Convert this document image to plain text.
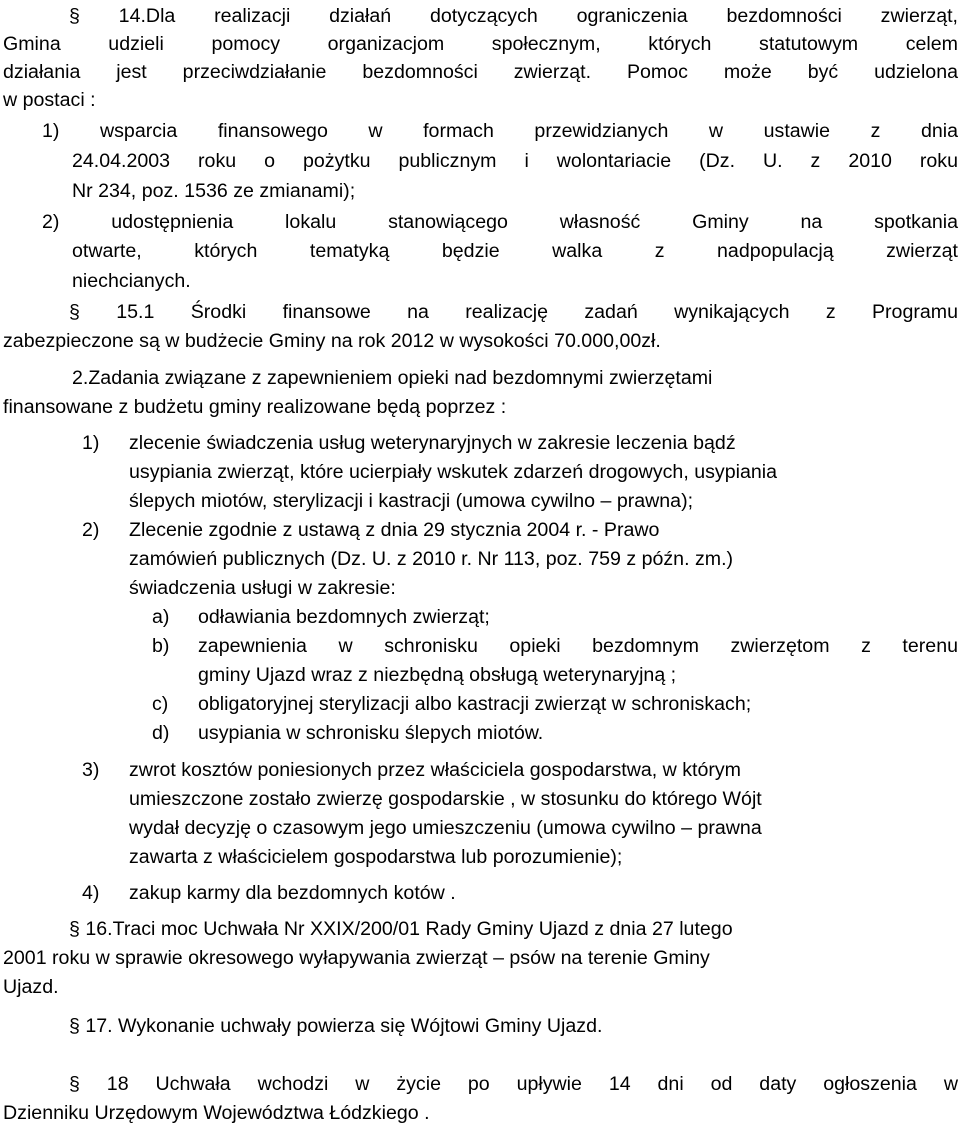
§ 14.Dla realizacji działań dotyczących ograniczenia bezdomności zwierząt,
Gmina udzieli pomocy organizacjom społecznym, których statutowym celem
działania jest przeciwdziałanie bezdomności zwierząt. Pomoc może być udzielona
w postaci :
1) wsparcia finansowego w formach przewidzianych w ustawie z dnia
24.04.2003 roku o pożytku publicznym i wolontariacie (Dz. U. z 2010 roku
Nr 234, poz. 1536 ze zmianami);
2) udostępnienia lokalu stanowiącego własność Gminy na spotkania
otwarte, których tematyką będzie walka z nadpopulacją zwierząt
niechcianych.
§ 15.1 Środki finansowe na realizację zadań wynikających z Programu
zabezpieczone są w budżecie Gminy na rok 2012 w wysokości 70.000,00zł.
2.Zadania związane z zapewnieniem opieki nad bezdomnymi zwierzętami
finansowane z budżetu gminy realizowane będą poprzez :
1) zlecenie świadczenia usług weterynaryjnych w zakresie leczenia bądź
usypiania zwierząt, które ucierpiały wskutek zdarzeń drogowych, usypiania
ślepych miotów, sterylizacji i kastracji (umowa cywilno – prawna);
2) Zlecenie zgodnie z ustawą z dnia 29 stycznia 2004 r. - Prawo
zamówień publicznych (Dz. U. z 2010 r. Nr 113, poz. 759 z późn. zm.)
świadczenia usługi w zakresie:
a) odławiania bezdomnych zwierząt;
b) zapewnienia w schronisku opieki bezdomnym zwierzętom z terenu
gminy Ujazd wraz z niezbędną obsługą weterynaryjną ;
c) obligatoryjnej sterylizacji albo kastracji zwierząt w schroniskach;
d) usypiania w schronisku ślepych miotów.
3) zwrot kosztów poniesionych przez właściciela gospodarstwa, w którym
umieszczone zostało zwierzę gospodarskie , w stosunku do którego Wójt
wydał decyzję o czasowym jego umieszczeniu (umowa cywilno – prawna
zawarta z właścicielem gospodarstwa lub porozumienie);
4) zakup karmy dla bezdomnych kotów .
§ 16.Traci moc Uchwała Nr XXIX/200/01 Rady Gminy Ujazd z dnia 27 lutego
2001 roku w sprawie okresowego wyłapywania zwierząt – psów na terenie Gminy
Ujazd.
§ 17. Wykonanie uchwały powierza się Wójtowi Gminy Ujazd.
§ 18 Uchwała wchodzi w życie po upływie 14 dni od daty ogłoszenia w
Dzienniku Urzędowym Województwa Łódzkiego .
